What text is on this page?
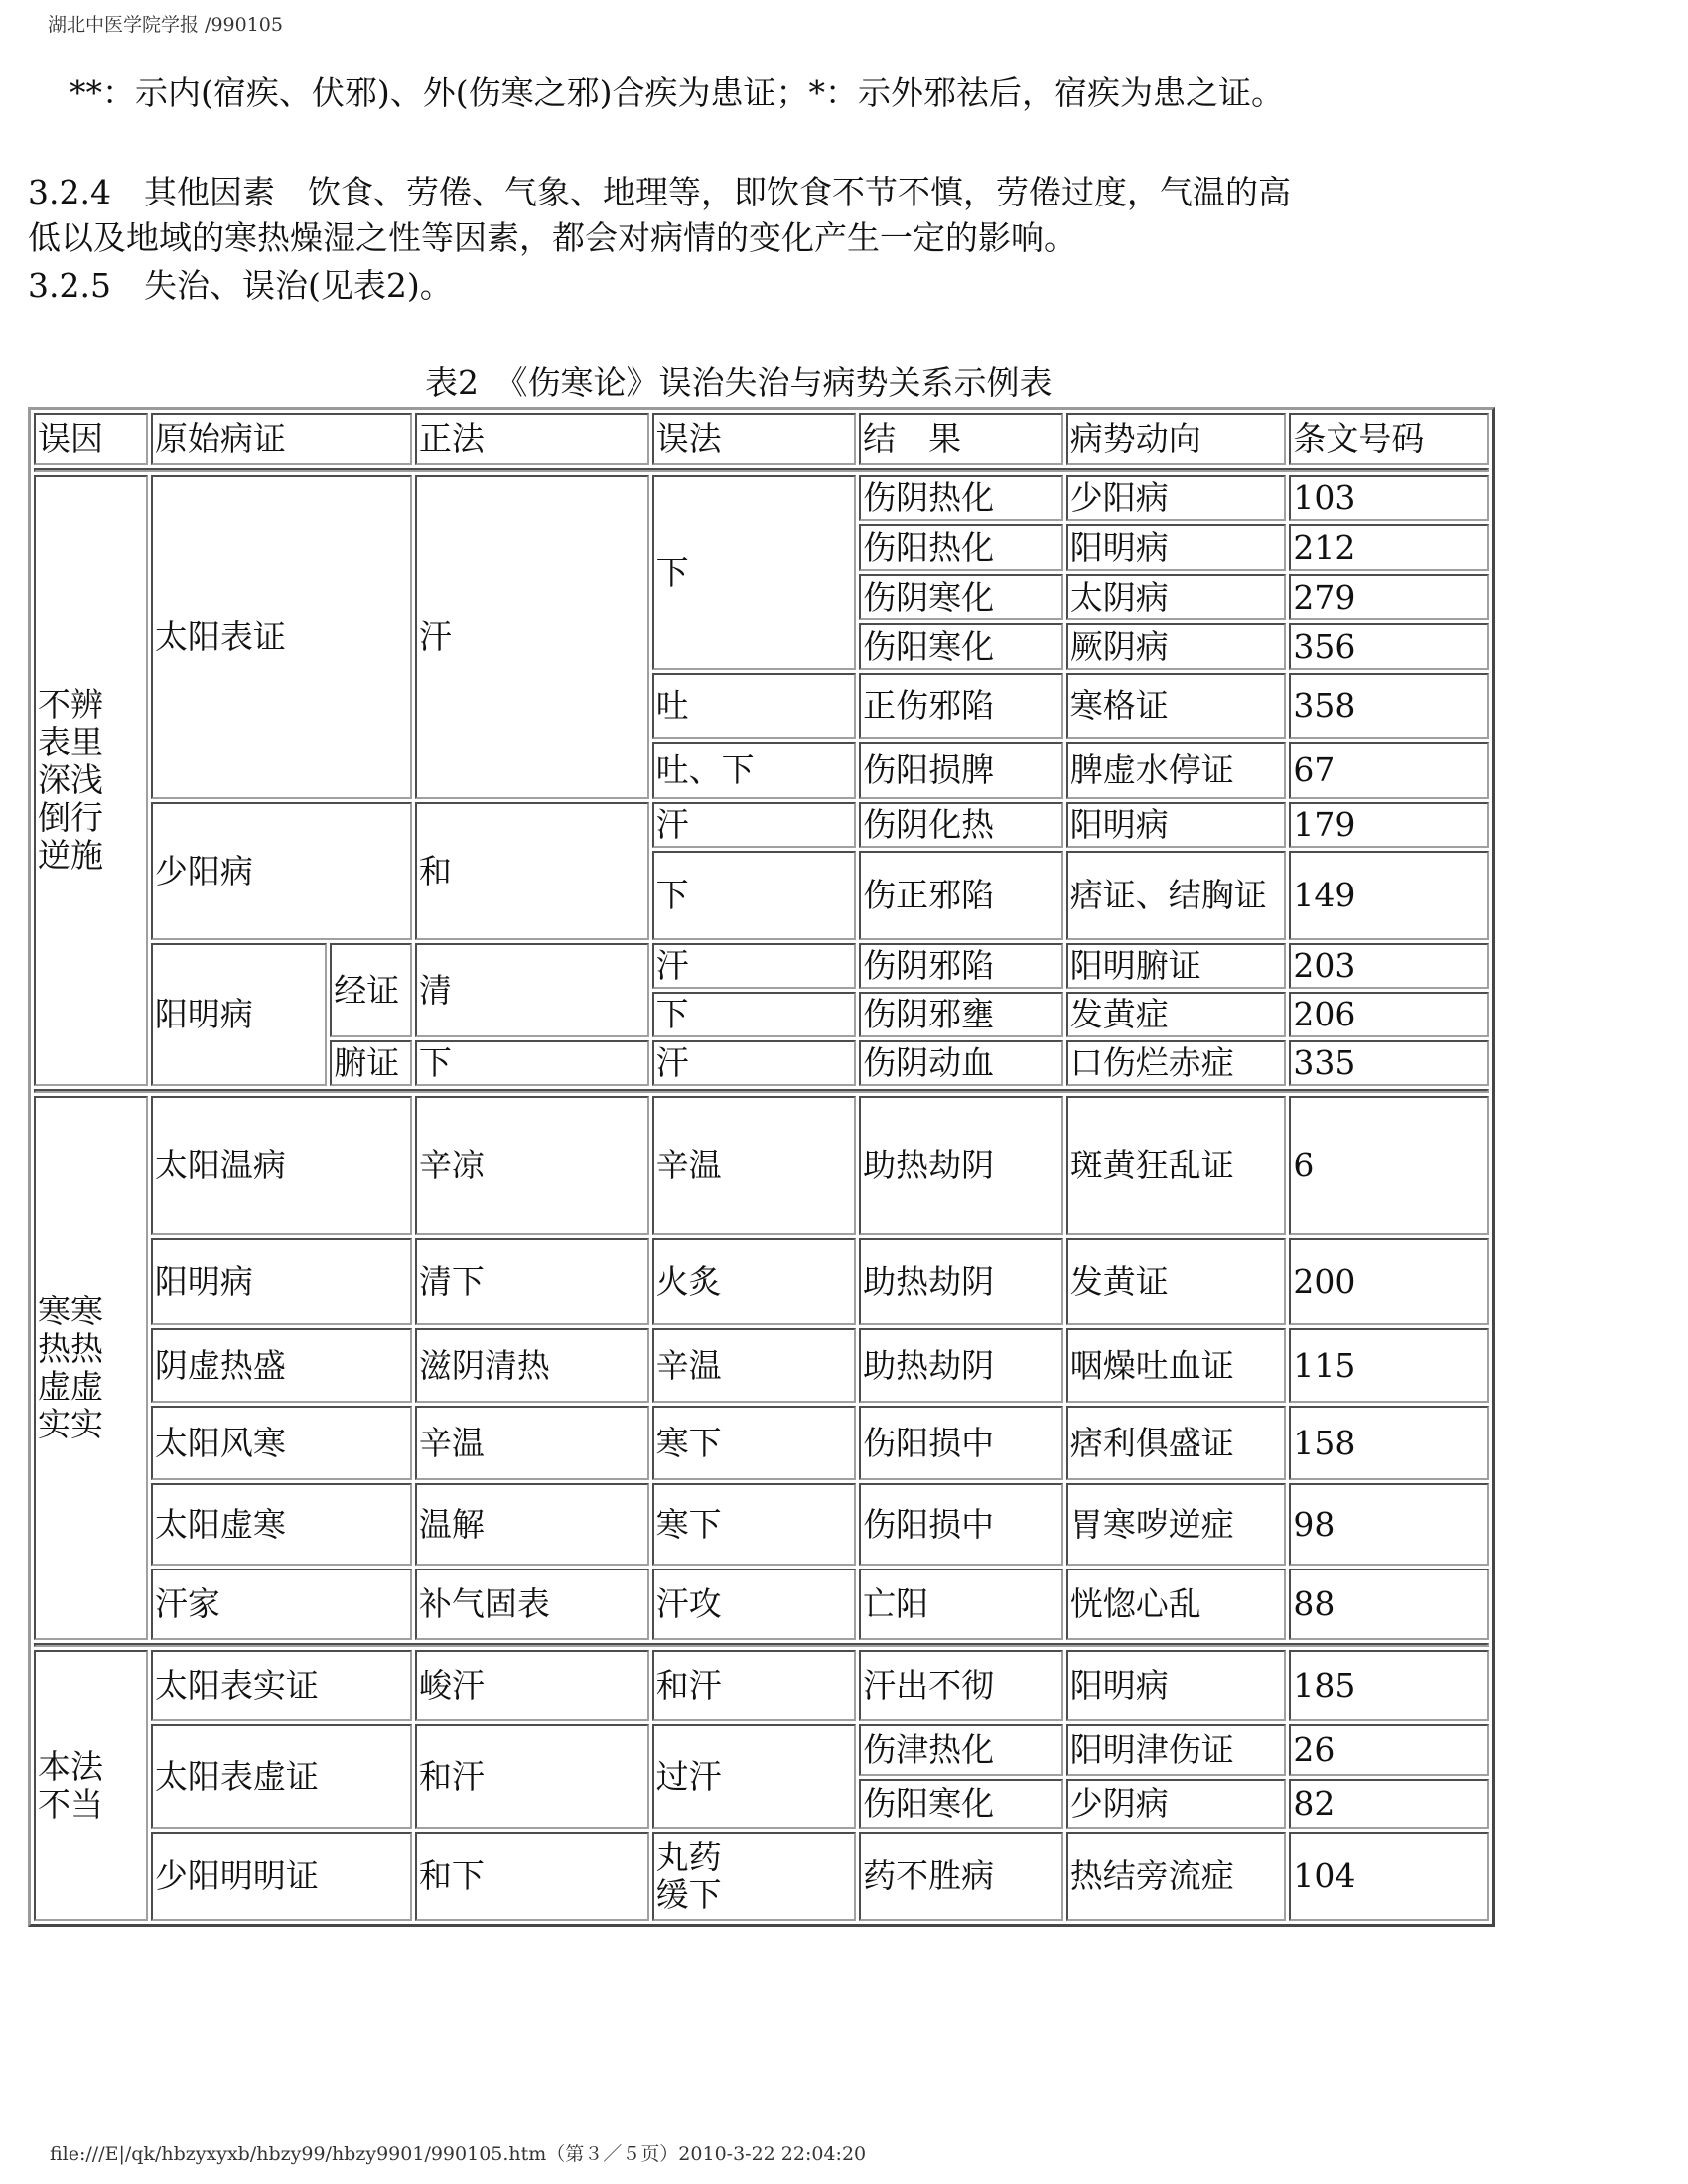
湖北中医学院学报 /990105
**：示内(宿疾、伏邪)、外(伤寒之邪)合疾为患证；*：示外邪祛后，宿疾为患之证。
3.2.4　其他因素　饮食、劳倦、气象、地理等，即饮食不节不慎，劳倦过度，气温的高
低以及地域的寒热燥湿之性等因素，都会对病情的变化产生一定的影响。
3.2.5　失治、误治(见表2)。
表2　《伤寒论》误治失治与病势关系示例表
误因	原始病证		正法	误法	结　果	病势动向	条文号码

不辨
表里
深浅
倒行
逆施	太阳表证		汗	下	伤阴热化	少阳病	103
					伤阳热化	阳明病	212
					伤阴寒化	太阴病	279
					伤阳寒化	厥阴病	356
				吐	正伤邪陷	寒格证	358
				吐、下	伤阳损脾	脾虚水停证	67
	少阳病		和	汗	伤阴化热	阳明病	179
				下	伤正邪陷	痞证、结胸证	149
	阳明病	经证	清	汗	伤阴邪陷	阳明腑证	203
				下	伤阴邪壅	发黄症	206
		腑证	下	汗	伤阴动血	口伤烂赤症	335

寒寒
热热
虚虚
实实	太阳温病		辛凉	辛温	助热劫阴	斑黄狂乱证	6
	阳明病		清下	火炙	助热劫阴	发黄证	200
	阴虚热盛		滋阴清热	辛温	助热劫阴	咽燥吐血证	115
	太阳风寒		辛温	寒下	伤阳损中	痞利俱盛证	158
	太阳虚寒		温解	寒下	伤阳损中	胃寒哕逆症	98
	汗家		补气固表	汗攻	亡阳	恍惚心乱	88

本法
不当	太阳表实证		峻汗	和汗	汗出不彻	阳明病	185
	太阳表虚证		和汗	过汗	伤津热化	阳明津伤证	26
					伤阳寒化	少阴病	82
	少阳明明证		和下	丸药
缓下	药不胜病	热结旁流症	104
file:///E|/qk/hbzyxyxb/hbzy99/hbzy9901/990105.htm（第３／５页）2010-3-22 22:04:20
